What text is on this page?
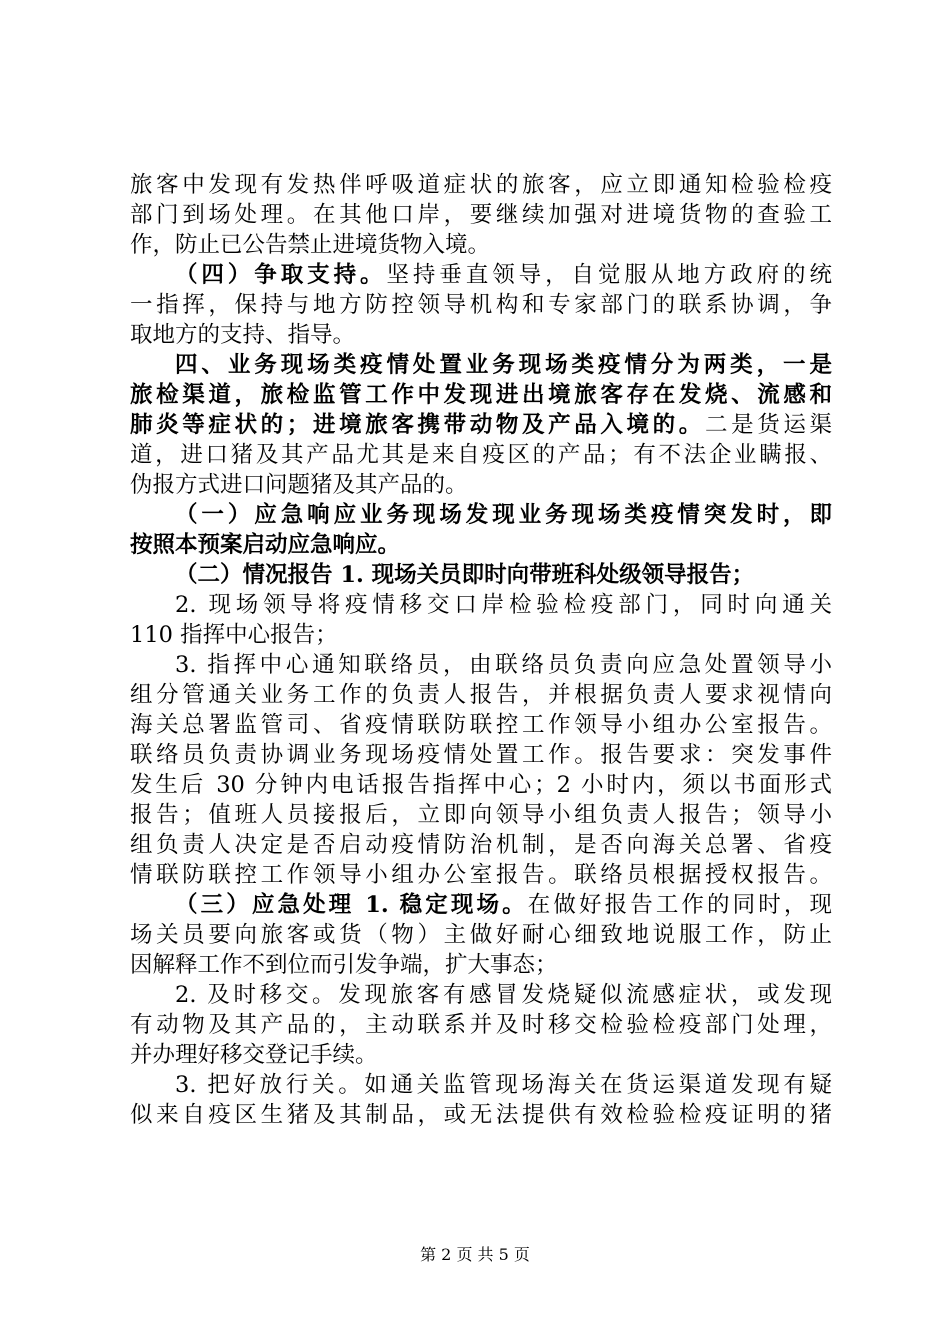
旅客中发现有发热伴呼吸道症状的旅客，应立即通知检验检疫
部门到场处理。在其他口岸，要继续加强对进境货物的查验工
作，防止已公告禁止进境货物入境。
（四）争取支持。坚持垂直领导，自觉服从地方政府的统
一指挥，保持与地方防控领导机构和专家部门的联系协调，争
取地方的支持、指导。
四、业务现场类疫情处置业务现场类疫情分为两类，一是
旅检渠道，旅检监管工作中发现进出境旅客存在发烧、流感和
肺炎等症状的；进境旅客携带动物及产品入境的。二是货运渠
道，进口猪及其产品尤其是来自疫区的产品；有不法企业瞒报、
伪报方式进口问题猪及其产品的。
（一）应急响应业务现场发现业务现场类疫情突发时，即
按照本预案启动应急响应。
（二）情况报告 1. 现场关员即时向带班科处级领导报告；
2. 现场领导将疫情移交口岸检验检疫部门，同时向通关
110 指挥中心报告；
3. 指挥中心通知联络员，由联络员负责向应急处置领导小
组分管通关业务工作的负责人报告，并根据负责人要求视情向
海关总署监管司、省疫情联防联控工作领导小组办公室报告。
联络员负责协调业务现场疫情处置工作。报告要求：突发事件
发生后 30 分钟内电话报告指挥中心；2 小时内，须以书面形式
报告；值班人员接报后，立即向领导小组负责人报告；领导小
组负责人决定是否启动疫情防治机制，是否向海关总署、省疫
情联防联控工作领导小组办公室报告。联络员根据授权报告。
（三）应急处理 1. 稳定现场。在做好报告工作的同时，现
场关员要向旅客或货（物）主做好耐心细致地说服工作，防止
因解释工作不到位而引发争端，扩大事态；
2. 及时移交。发现旅客有感冒发烧疑似流感症状，或发现
有动物及其产品的，主动联系并及时移交检验检疫部门处理，
并办理好移交登记手续。
3. 把好放行关。如通关监管现场海关在货运渠道发现有疑
似来自疫区生猪及其制品，或无法提供有效检验检疫证明的猪
第 2 页 共 5 页
